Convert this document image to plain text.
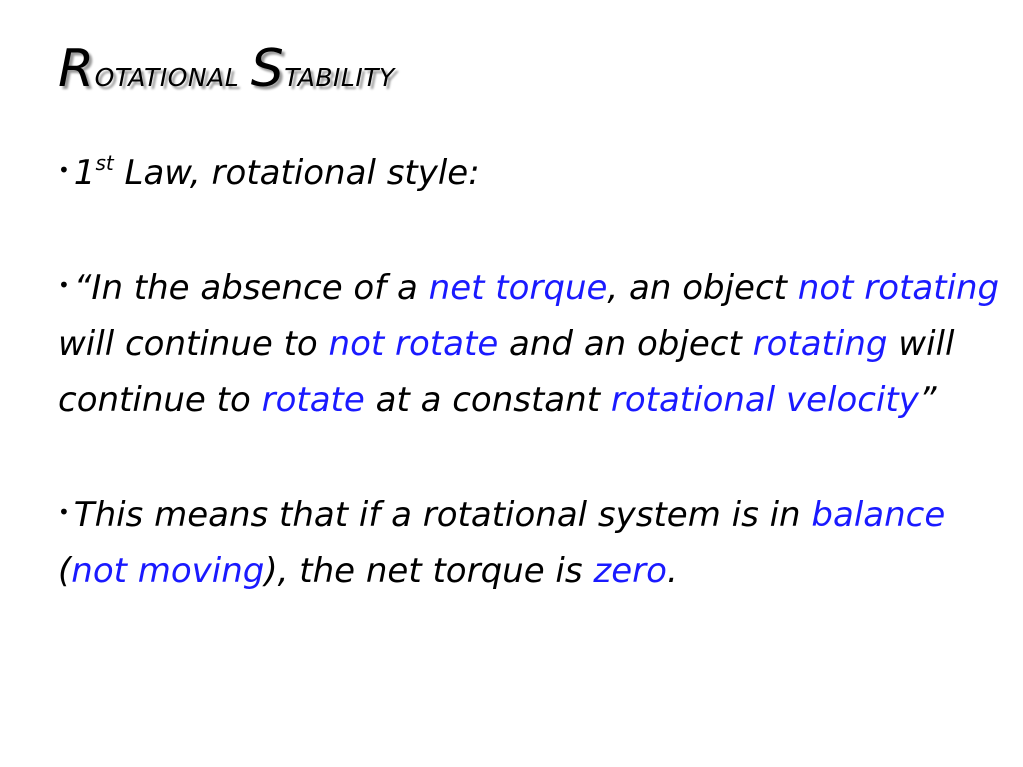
Rotational Stability

• 1st Law, rotational style:

• “In the absence of a net torque, an object not rotating will continue to not rotate and an object rotating will continue to rotate at a constant rotational velocity”

• This means that if a rotational system is in balance (not moving), the net torque is zero.
